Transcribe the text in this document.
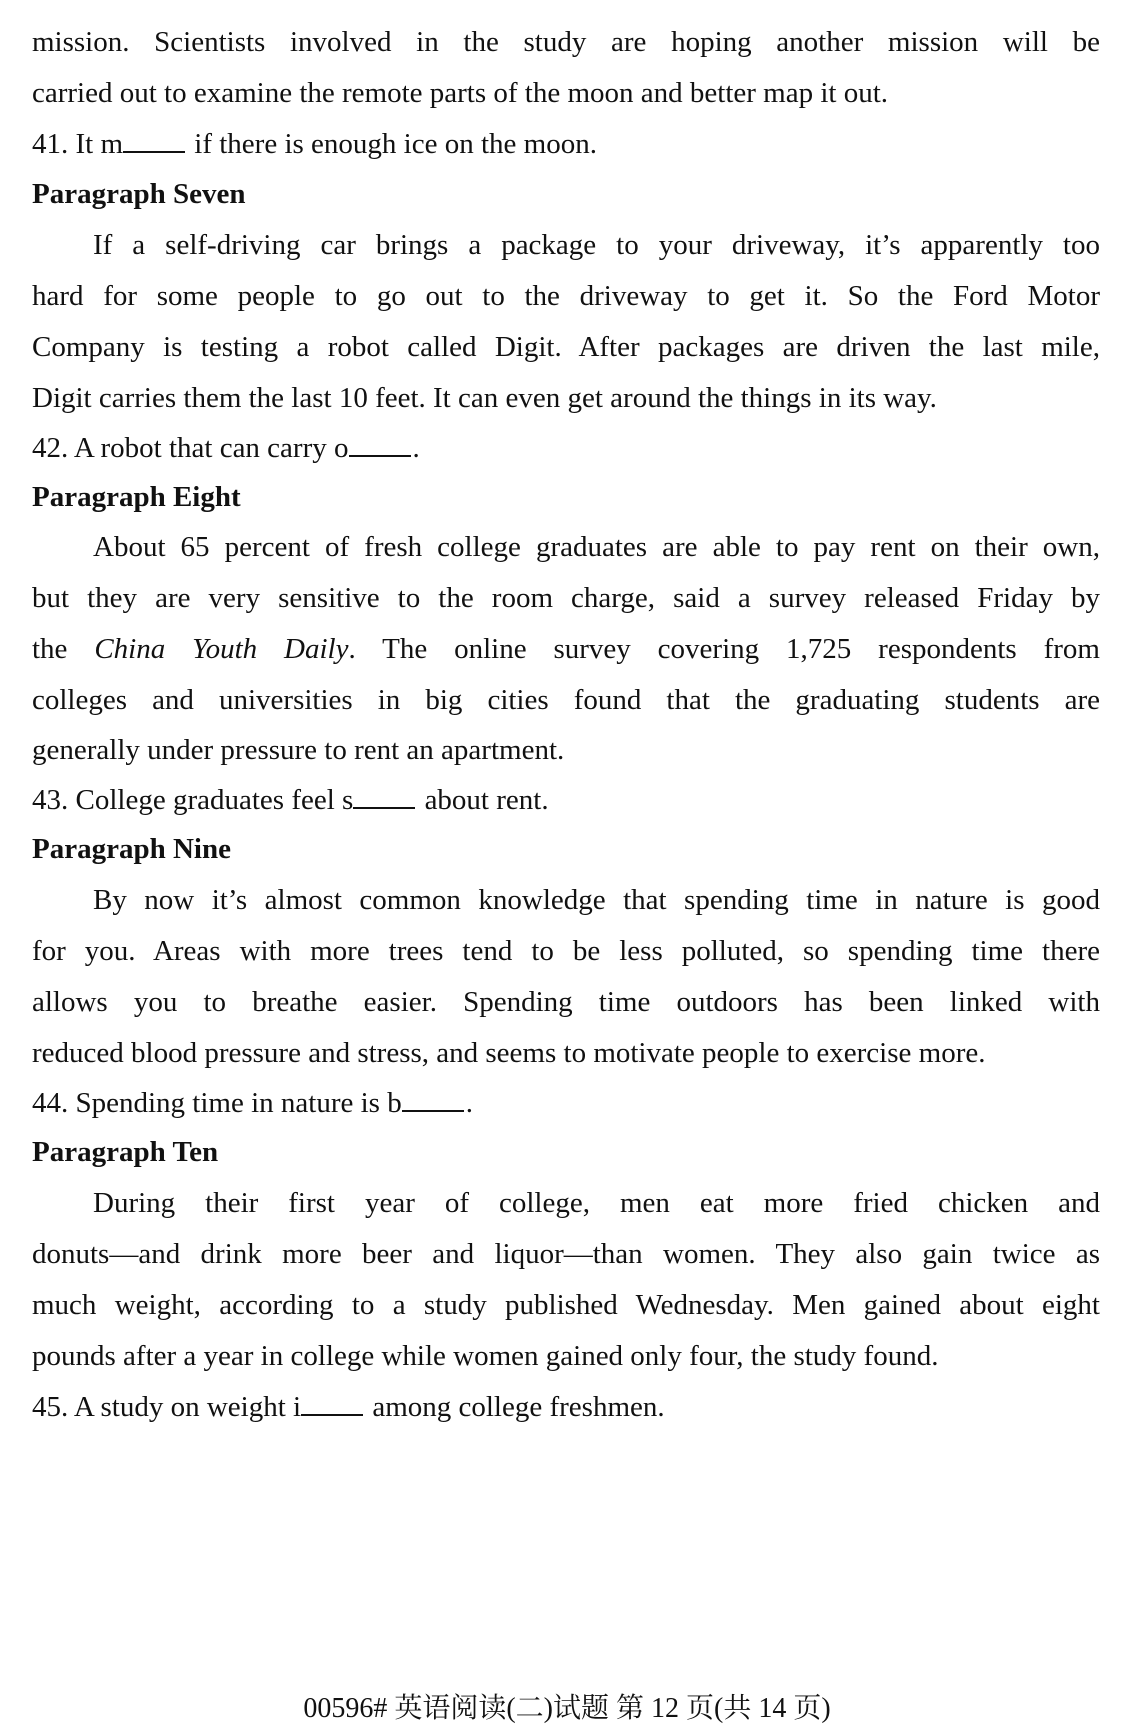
mission. Scientists involved in the study are hoping another mission will be
carried out to examine the remote parts of the moon and better map it out.
41. It m if there is enough ice on the moon.
Paragraph Seven
If a self-driving car brings a package to your driveway, it’s apparently too
hard for some people to go out to the driveway to get it. So the Ford Motor
Company is testing a robot called Digit. After packages are driven the last mile,
Digit carries them the last 10 feet. It can even get around the things in its way.
42. A robot that can carry o .
Paragraph Eight
About 65 percent of fresh college graduates are able to pay rent on their own,
but they are very sensitive to the room charge, said a survey released Friday by
the China Youth Daily. The online survey covering 1,725 respondents from
colleges and universities in big cities found that the graduating students are
generally under pressure to rent an apartment.
43. College graduates feel s about rent.
Paragraph Nine
By now it’s almost common knowledge that spending time in nature is good
for you. Areas with more trees tend to be less polluted, so spending time there
allows you to breathe easier. Spending time outdoors has been linked with
reduced blood pressure and stress, and seems to motivate people to exercise more.
44. Spending time in nature is b .
Paragraph Ten
During their first year of college, men eat more fried chicken and
donuts—and drink more beer and liquor—than women. They also gain twice as
much weight, according to a study published Wednesday. Men gained about eight
pounds after a year in college while women gained only four, the study found.
45. A study on weight i among college freshmen.
00596# 英语阅读(二)试题 第 12 页(共 14 页)
